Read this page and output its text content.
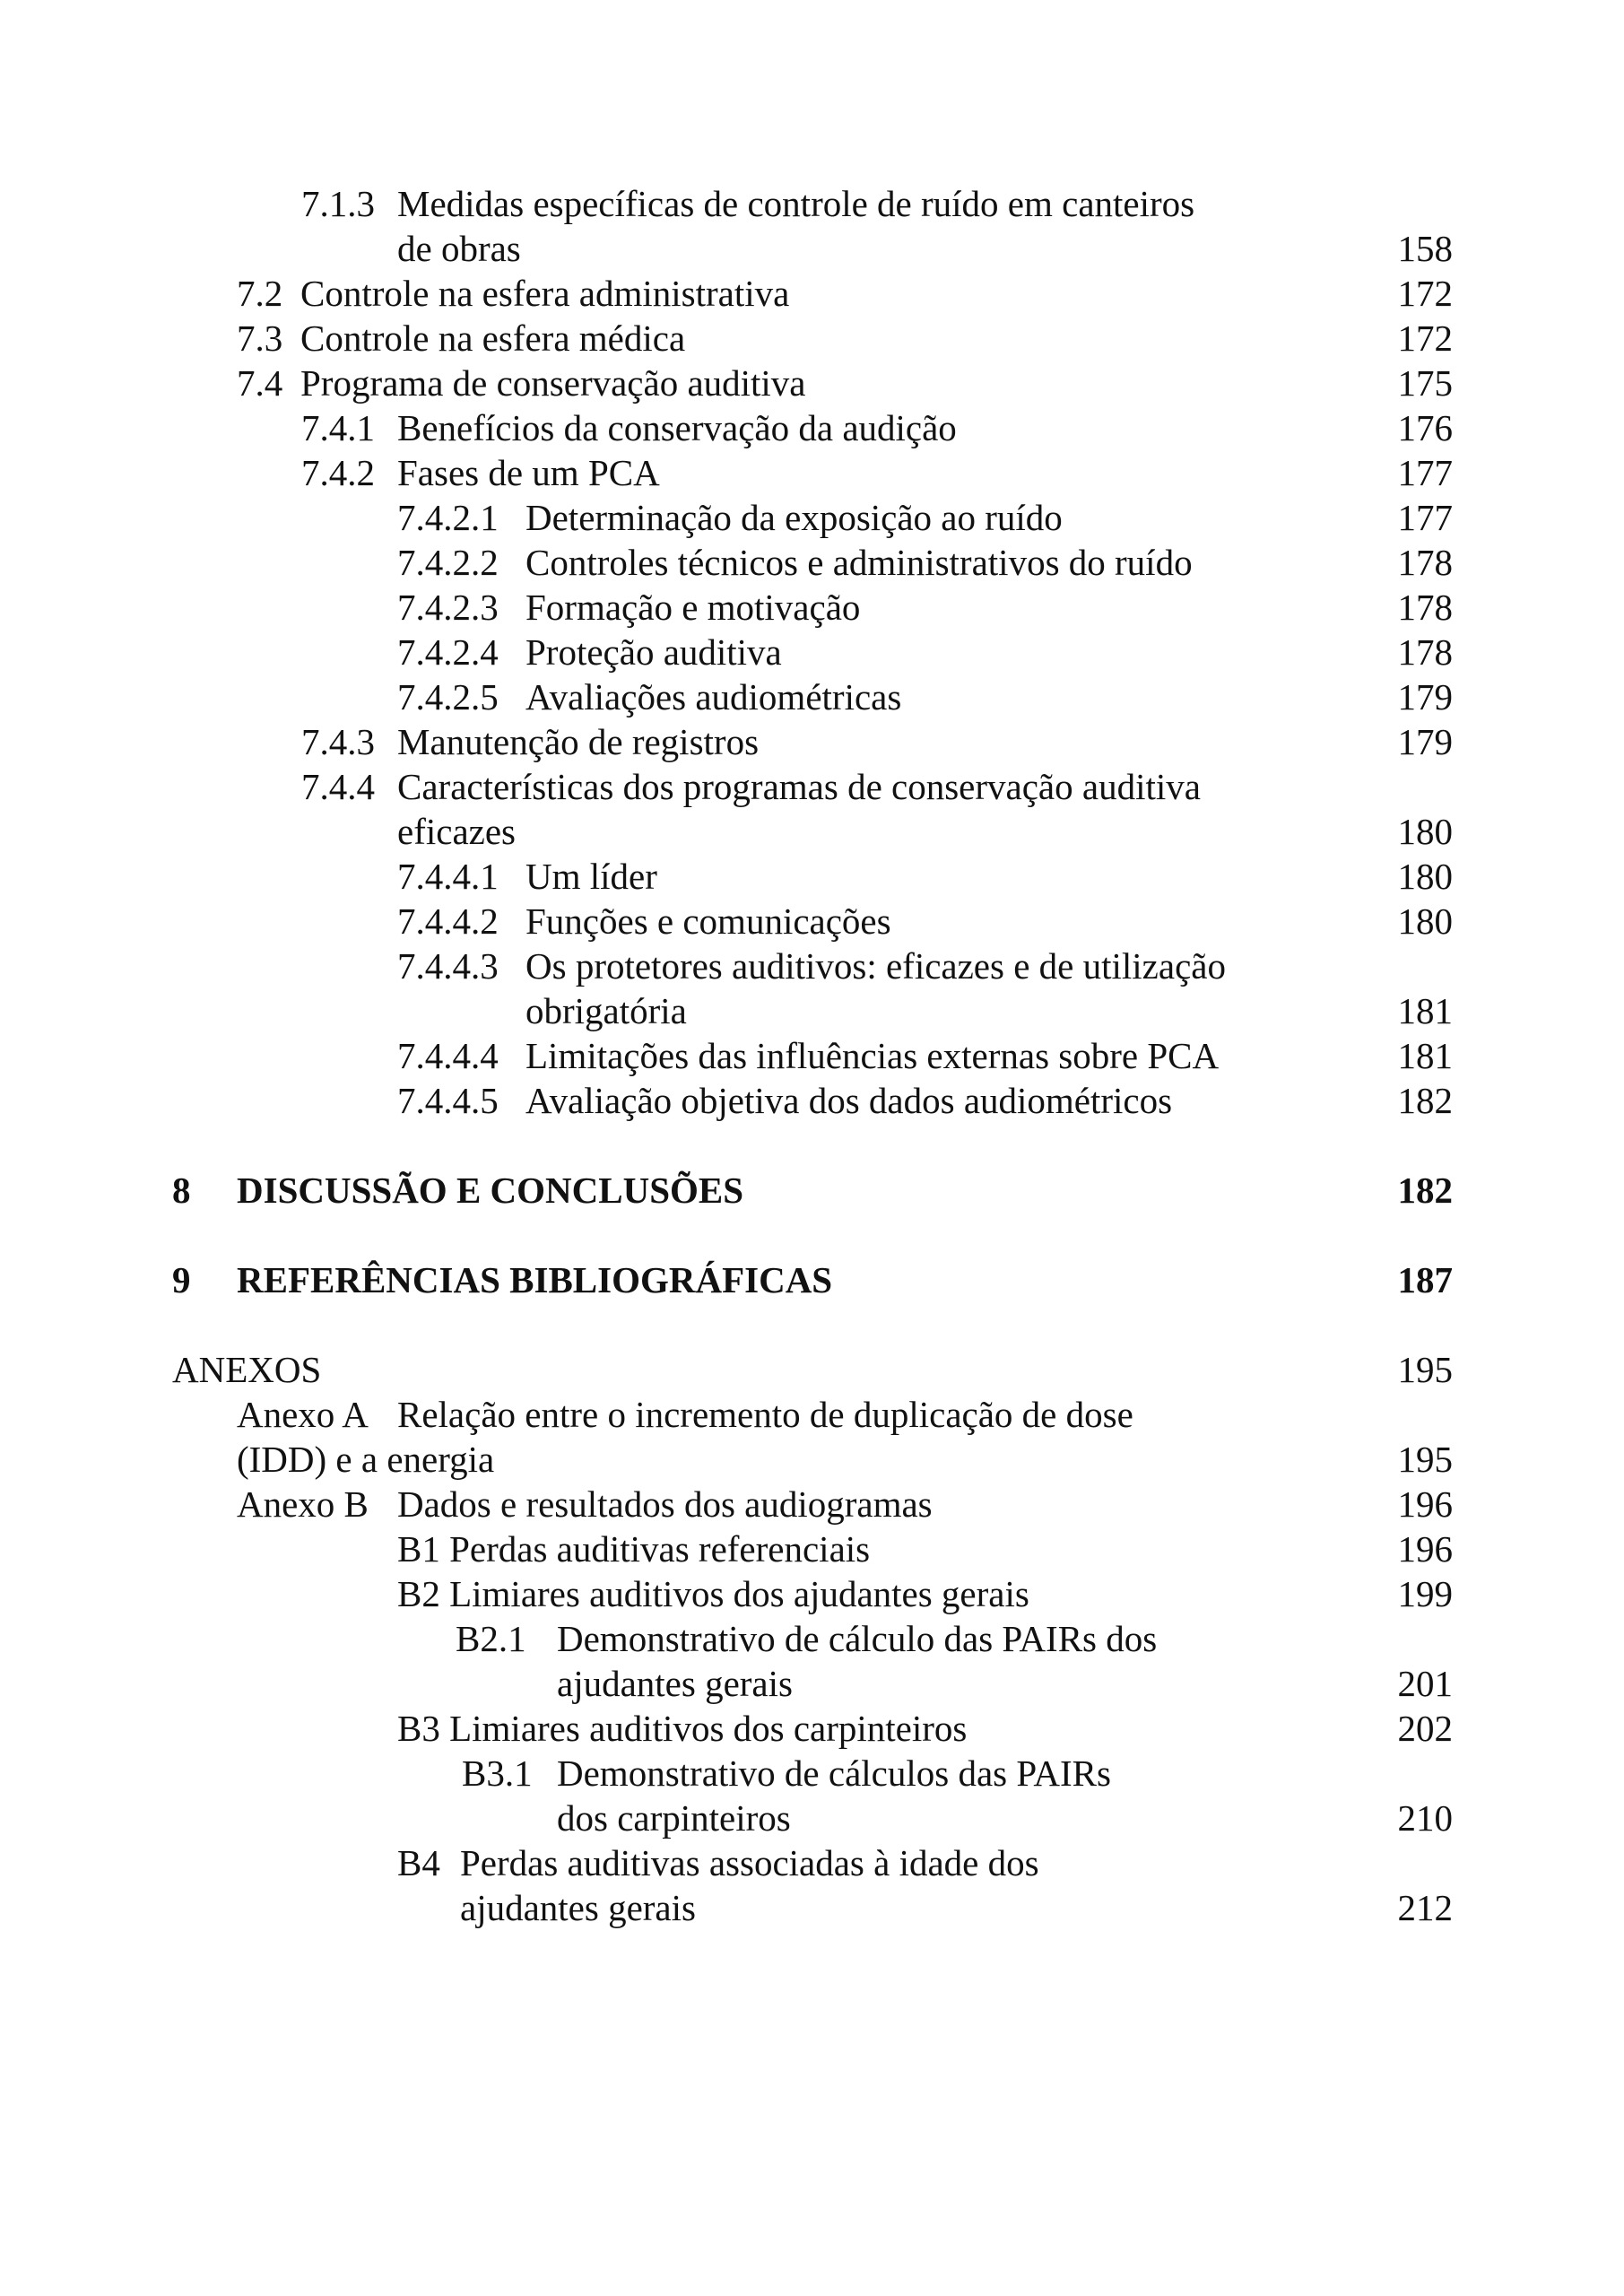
7.1.3 Medidas específicas de controle de ruído em canteiros
de obras	158
7.2 Controle na esfera administrativa	172
7.3 Controle na esfera médica	172
7.4 Programa de conservação auditiva	175
7.4.1 Benefícios da conservação da audição	176
7.4.2 Fases de um PCA	177
7.4.2.1 Determinação da exposição ao ruído	177
7.4.2.2 Controles técnicos e administrativos do ruído	178
7.4.2.3 Formação e motivação	178
7.4.2.4 Proteção auditiva	178
7.4.2.5 Avaliações audiométricas	179
7.4.3 Manutenção de registros	179
7.4.4 Características dos programas de conservação auditiva
eficazes	180
7.4.4.1 Um líder	180
7.4.4.2 Funções e comunicações	180
7.4.4.3 Os protetores auditivos: eficazes e de utilização
obrigatória	181
7.4.4.4 Limitações das influências externas sobre PCA	181
7.4.4.5 Avaliação objetiva dos dados audiométricos	182
8 DISCUSSÃO E CONCLUSÕES	182
9 REFERÊNCIAS BIBLIOGRÁFICAS	187
ANEXOS	195
Anexo A Relação entre o incremento de duplicação de dose
(IDD) e a energia	195
Anexo B Dados e resultados dos audiogramas	196
B1 Perdas auditivas referenciais	196
B2 Limiares auditivos dos ajudantes gerais	199
B2.1 Demonstrativo de cálculo das PAIRs dos
ajudantes gerais	201
B3 Limiares auditivos dos carpinteiros	202
B3.1 Demonstrativo de cálculos das PAIRs
dos carpinteiros	210
B4 Perdas auditivas associadas à idade dos
ajudantes gerais	212
